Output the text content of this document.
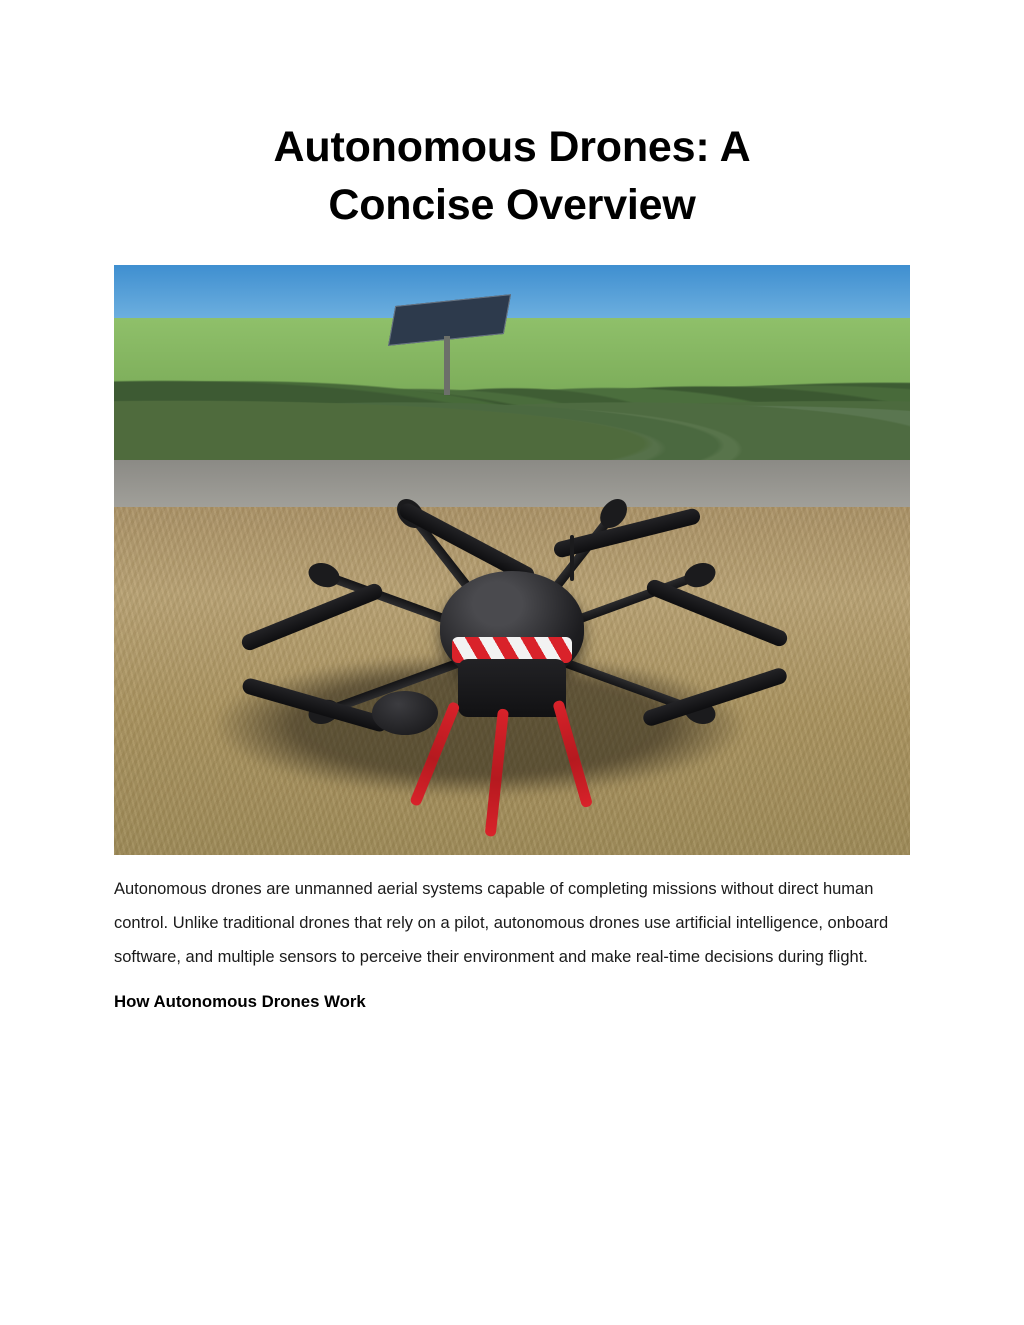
Autonomous Drones: A Concise Overview

Autonomous drones are unmanned aerial systems capable of completing missions without direct human control. Unlike traditional drones that rely on a pilot, autonomous drones use artificial intelligence, onboard software, and multiple sensors to perceive their environment and make real-time decisions during flight.

How Autonomous Drones Work
